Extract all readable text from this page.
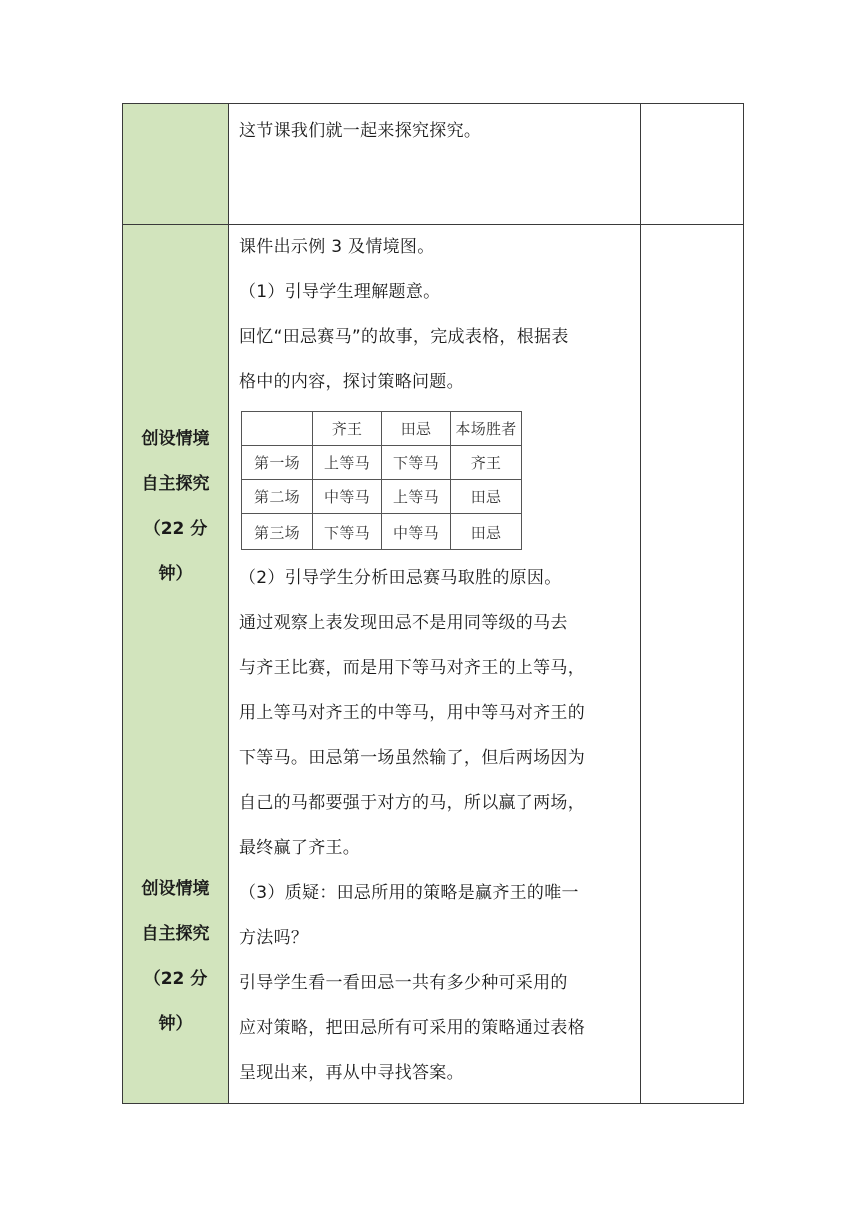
这节课我们就一起来探究探究。

创设情境
自主探究
（22 分
钟）
创设情境
自主探究
（22 分
钟）

课件出示例 3 及情境图。

（1）引导学生理解题意。

回忆“田忌赛马”的故事，完成表格，根据表

格中的内容，探讨策略问题。

	齐王	田忌	本场胜者
第一场	上等马	下等马	齐王
第二场	中等马	上等马	田忌
第三场	下等马	中等马	田忌

（2）引导学生分析田忌赛马取胜的原因。

通过观察上表发现田忌不是用同等级的马去

与齐王比赛，而是用下等马对齐王的上等马，

用上等马对齐王的中等马，用中等马对齐王的

下等马。田忌第一场虽然输了，但后两场因为

自己的马都要强于对方的马，所以赢了两场，

最终赢了齐王。

（3）质疑：田忌所用的策略是赢齐王的唯一

方法吗？

引导学生看一看田忌一共有多少种可采用的

应对策略，把田忌所有可采用的策略通过表格

呈现出来，再从中寻找答案。
